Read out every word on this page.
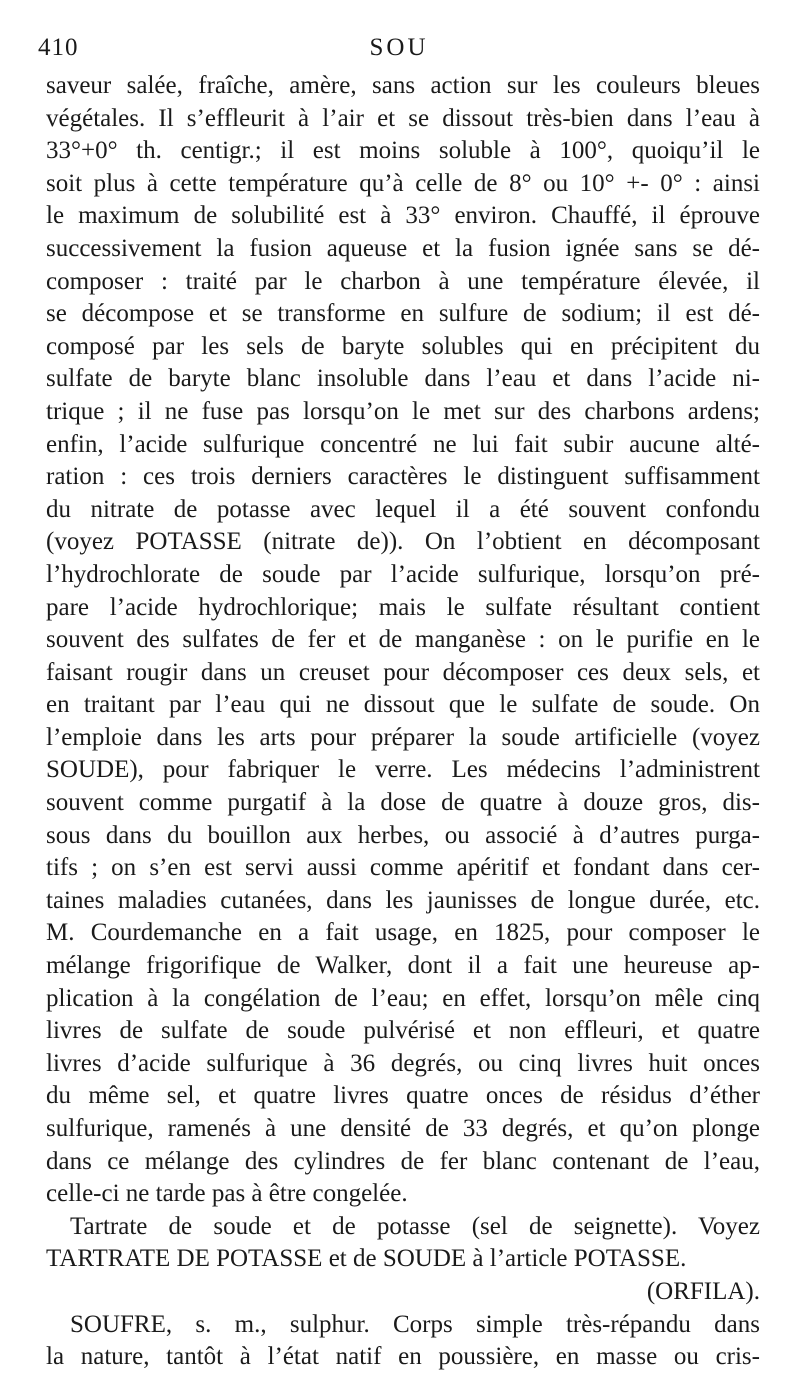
410	SOU
saveur salée, fraîche, amère, sans action sur les couleurs bleues
végétales. Il s’effleurit à l’air et se dissout très-bien dans l’eau à
33°+0° th. centigr.; il est moins soluble à 100°, quoiqu’il le
soit plus à cette température qu’à celle de 8° ou 10° +- 0° : ainsi
le maximum de solubilité est à 33° environ. Chauffé, il éprouve
successivement la fusion aqueuse et la fusion ignée sans se dé-
composer : traité par le charbon à une température élevée, il
se décompose et se transforme en sulfure de sodium; il est dé-
composé par les sels de baryte solubles qui en précipitent du
sulfate de baryte blanc insoluble dans l’eau et dans l’acide ni-
trique ; il ne fuse pas lorsqu’on le met sur des charbons ardens;
enfin, l’acide sulfurique concentré ne lui fait subir aucune alté-
ration : ces trois derniers caractères le distinguent suffisamment
du nitrate de potasse avec lequel il a été souvent confondu
(voyez POTASSE (nitrate de)). On l’obtient en décomposant
l’hydrochlorate de soude par l’acide sulfurique, lorsqu’on pré-
pare l’acide hydrochlorique; mais le sulfate résultant contient
souvent des sulfates de fer et de manganèse : on le purifie en le
faisant rougir dans un creuset pour décomposer ces deux sels, et
en traitant par l’eau qui ne dissout que le sulfate de soude. On
l’emploie dans les arts pour préparer la soude artificielle (voyez
SOUDE), pour fabriquer le verre. Les médecins l’administrent
souvent comme purgatif à la dose de quatre à douze gros, dis-
sous dans du bouillon aux herbes, ou associé à d’autres purga-
tifs ; on s’en est servi aussi comme apéritif et fondant dans cer-
taines maladies cutanées, dans les jaunisses de longue durée, etc.
M. Courdemanche en a fait usage, en 1825, pour composer le
mélange frigorifique de Walker, dont il a fait une heureuse ap-
plication à la congélation de l’eau; en effet, lorsqu’on mêle cinq
livres de sulfate de soude pulvérisé et non effleuri, et quatre
livres d’acide sulfurique à 36 degrés, ou cinq livres huit onces
du même sel, et quatre livres quatre onces de résidus d’éther
sulfurique, ramenés à une densité de 33 degrés, et qu’on plonge
dans ce mélange des cylindres de fer blanc contenant de l’eau,
celle-ci ne tarde pas à être congelée.
Tartrate de soude et de potasse (sel de seignette). Voyez
TARTRATE DE POTASSE et de SOUDE à l’article POTASSE.
(ORFILA).
SOUFRE, s. m., sulphur. Corps simple très-répandu dans
la nature, tantôt à l’état natif en poussière, en masse ou cris-
